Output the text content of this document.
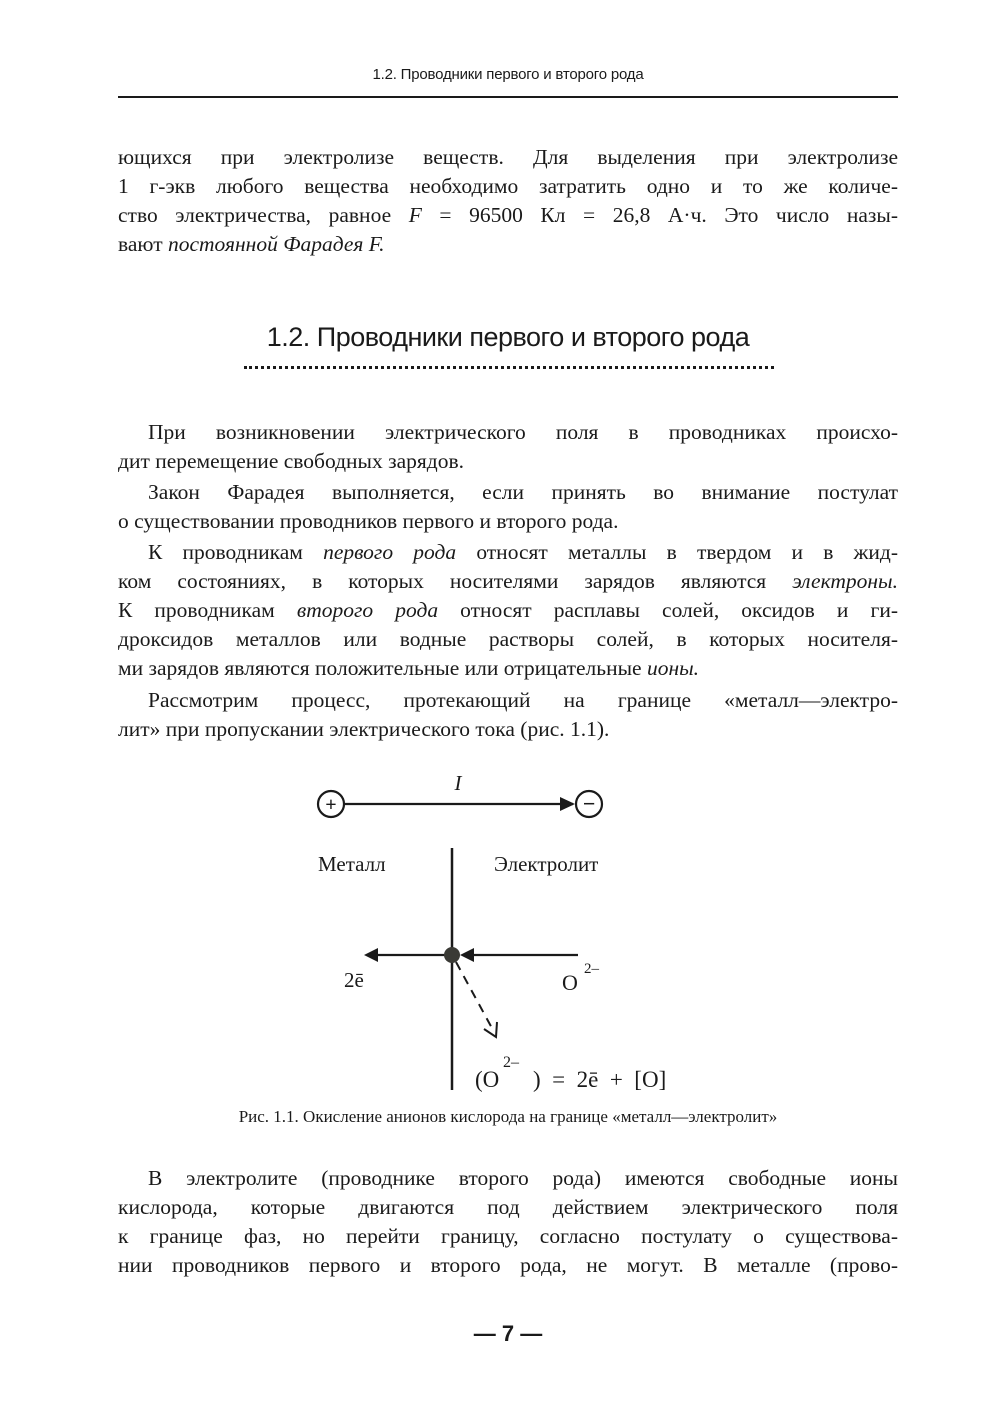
1.2. Проводники первого и второго рода
ющихся при электролизе веществ. Для выделения при электролизе
1 г-экв любого вещества необходимо затратить одно и то же количе-
ство электричества, равное F = 96500 Кл = 26,8 А·ч. Это число назы-
вают постоянной Фарадея F.
1.2. Проводники первого и второго рода
При возникновении электрического поля в проводниках происхо-
дит перемещение свободных зарядов.
Закон Фарадея выполняется, если принять во внимание постулат
о существовании проводников первого и второго рода.
К проводникам первого рода относят металлы в твердом и в жид-
ком состояниях, в которых носителями зарядов являются электроны.
К проводникам второго рода относят расплавы солей, оксидов и ги-
дроксидов металлов или водные растворы солей, в которых носителя-
ми зарядов являются положительные или отрицательные ионы.
Рассмотрим процесс, протекающий на границе «металл—электро-
лит» при пропускании электрического тока (рис. 1.1).
+
I
−
Металл	Электролит
2ē	O
2–
(O
2–
)  =  2ē  +  [O]
Рис. 1.1. Окисление анионов кислорода на границе «металл—электролит»
В электролите (проводнике второго рода) имеются свободные ионы
кислорода, которые двигаются под действием электрического поля
к границе фаз, но перейти границу, согласно постулату о существова-
нии проводников первого и второго рода, не могут. В металле (прово-
— 7 —
